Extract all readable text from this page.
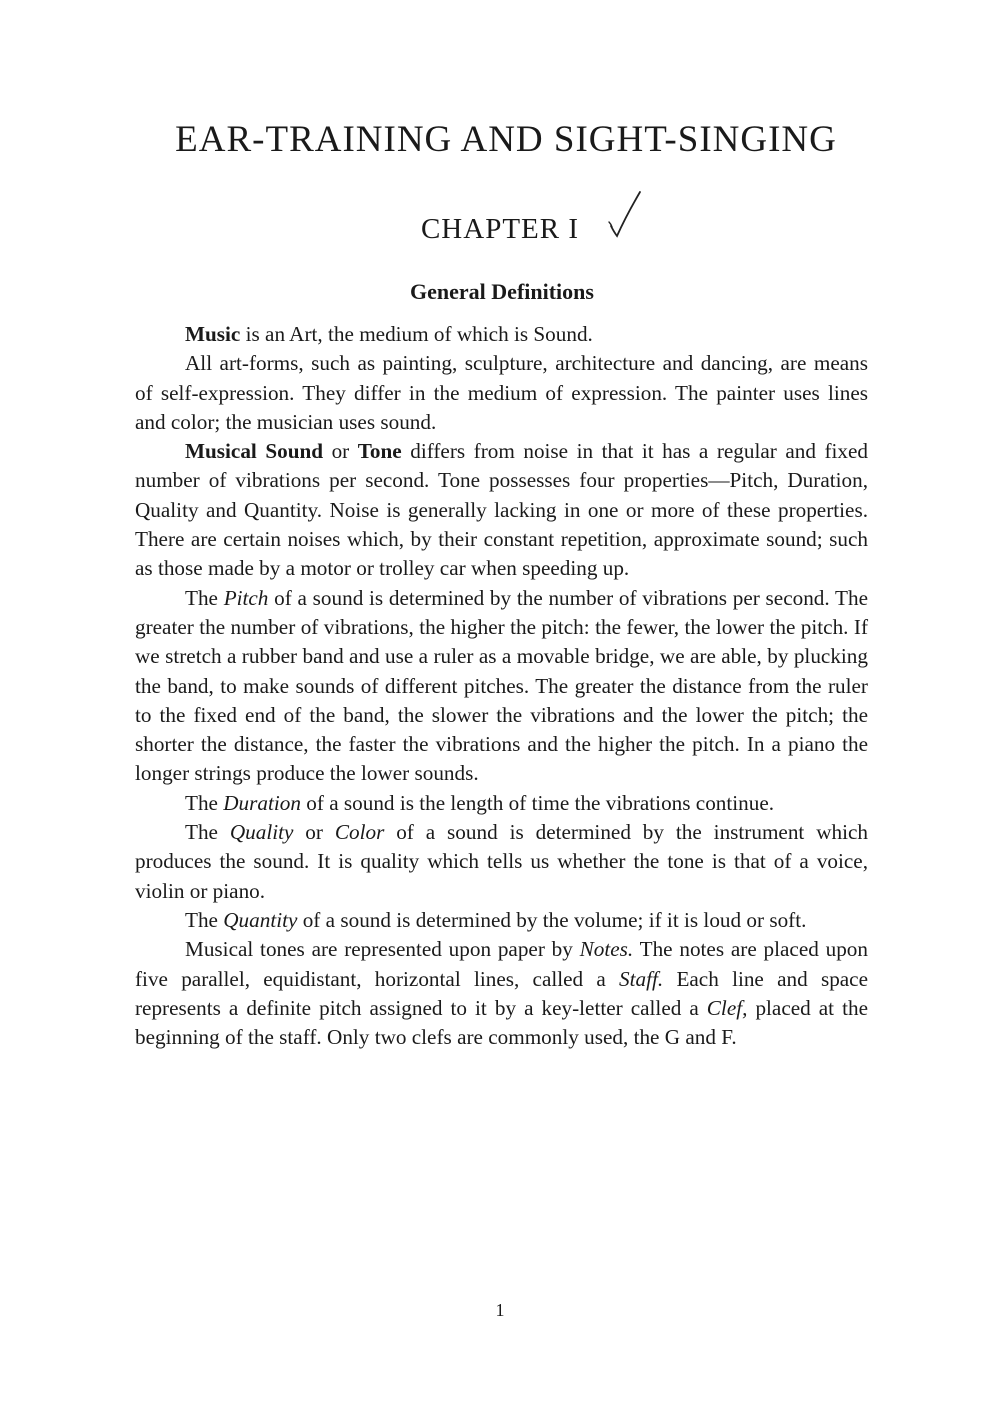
EAR-TRAINING AND SIGHT-SINGING
CHAPTER I
General Definitions

Music is an Art, the medium of which is Sound.

All art-forms, such as painting, sculpture, architecture and dancing, are means of self-expression. They differ in the medium of expression. The painter uses lines and color; the musician uses sound.

Musical Sound or Tone differs from noise in that it has a regular and fixed number of vibrations per second. Tone possesses four properties—Pitch, Duration, Quality and Quantity. Noise is generally lacking in one or more of these properties. There are certain noises which, by their constant repetition, approximate sound; such as those made by a motor or trolley car when speeding up.

The Pitch of a sound is determined by the number of vibrations per second. The greater the number of vibrations, the higher the pitch: the fewer, the lower the pitch. If we stretch a rubber band and use a ruler as a movable bridge, we are able, by plucking the band, to make sounds of different pitches. The greater the distance from the ruler to the fixed end of the band, the slower the vibrations and the lower the pitch; the shorter the distance, the faster the vibrations and the higher the pitch. In a piano the longer strings produce the lower sounds.

The Duration of a sound is the length of time the vibrations continue.

The Quality or Color of a sound is determined by the instrument which produces the sound. It is quality which tells us whether the tone is that of a voice, violin or piano.

The Quantity of a sound is determined by the volume; if it is loud or soft.

Musical tones are represented upon paper by Notes. The notes are placed upon five parallel, equidistant, horizontal lines, called a Staff. Each line and space represents a definite pitch assigned to it by a key-letter called a Clef, placed at the beginning of the staff. Only two clefs are commonly used, the G and F.

1
